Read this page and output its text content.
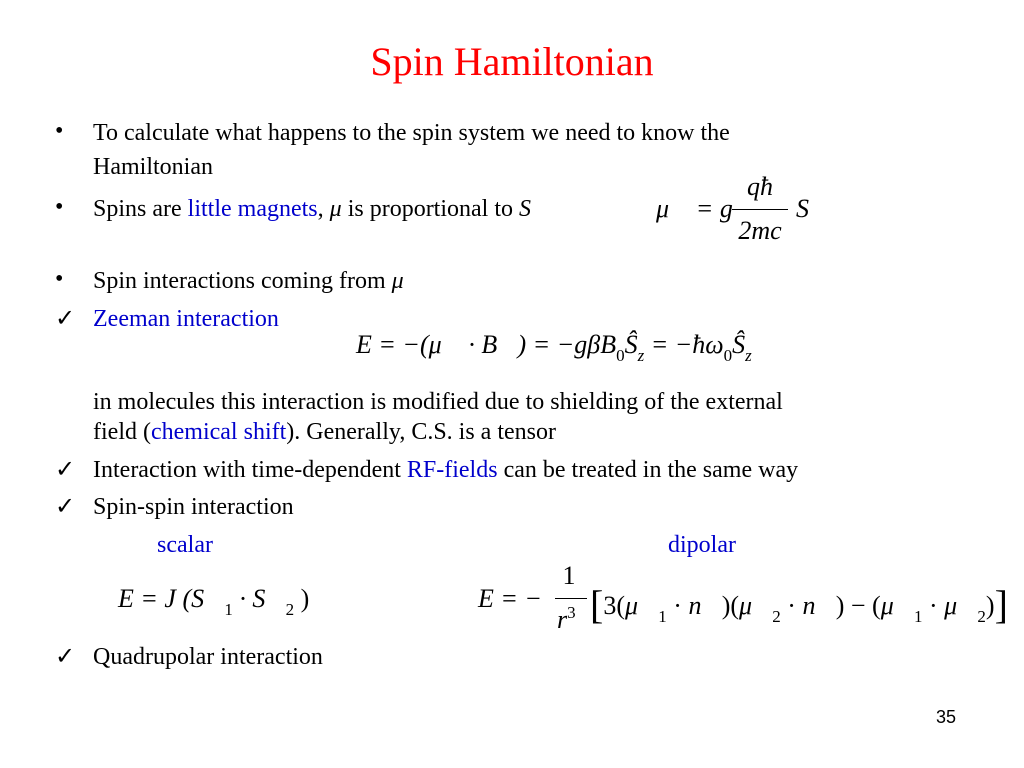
Spin Hamiltonian
• To calculate what happens to the spin system we need to know the
Hamiltonian
• Spins are little magnets, μ is proportional to S	μ⃗ = g
qħ
2mc
S⃗
• Spin interactions coming from μ
✓ Zeeman interaction
E = −(μ⃗ · B⃗) = $-g\beta B_0Ŝ_z$ = $-ħ\omega_0Ŝ_z$
in molecules this interaction is modified due to shielding of the external
field (chemical shift). Generally, C.S. is a tensor
✓ Interaction with time-dependent RF-fields can be treated in the same way
✓ Spin-spin interaction
scalar	dipolar
E = J ($S⃗_1$ · $S⃗_2$ )	E = −
1
$r^3$ [$3(\mu⃗_1$ · $n⃗)(\mu⃗_2$ · n⃗) − ($\mu⃗_1$ · $\mu⃗_2$)]
✓ Quadrupolar interaction
35
